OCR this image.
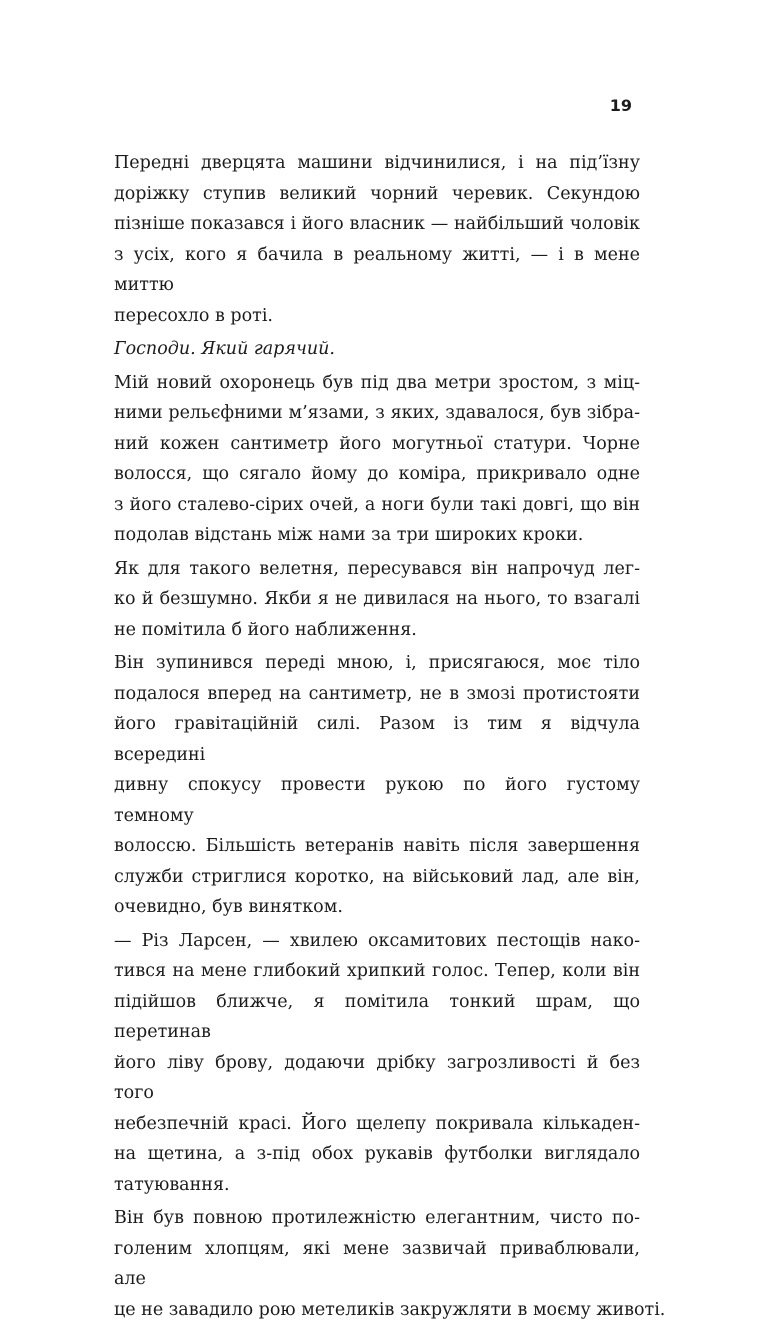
19
Передні дверцята машини відчинилися, і на під’їзну
доріжку ступив великий чорний черевик. Секундою
пізніше показався і його власник — найбільший чоловік
з усіх, кого я бачила в реальному житті, — і в мене миттю
пересохло в роті.
Господи. Який гарячий.
Мій новий охоронець був під два метри зростом, з міц-
ними рельєфними м’язами, з яких, здавалося, був зібра-
ний кожен сантиметр його могутньої статури. Чорне
волосся, що сягало йому до коміра, прикривало одне
з його сталево-сірих очей, а ноги були такі довгі, що він
подолав відстань між нами за три широких кроки.
Як для такого велетня, пересувався він напрочуд лег-
ко й безшумно. Якби я не дивилася на нього, то взагалі
не помітила б його наближення.
Він зупинився переді мною, і, присягаюся, моє тіло
подалося вперед на сантиметр, не в змозі протистояти
його гравітаційній силі. Разом із тим я відчула всередині
дивну спокусу провести рукою по його густому темному
волоссю. Більшість ветеранів навіть після завершення
служби стриглися коротко, на військовий лад, але він,
очевидно, був винятком.
— Різ Ларсен, — хвилею оксамитових пестощів нако-
тився на мене глибокий хрипкий голос. Тепер, коли він
підійшов ближче, я помітила тонкий шрам, що перетинав
його ліву брову, додаючи дрібку загрозливості й без того
небезпечній красі. Його щелепу покривала кількаден-
на щетина, а з-під обох рукавів футболки виглядало
татуювання.
Він був повною протилежністю елегантним, чисто по-
голеним хлопцям, які мене зазвичай приваблювали, але
це не завадило рою метеликів закружляти в моєму животі.
